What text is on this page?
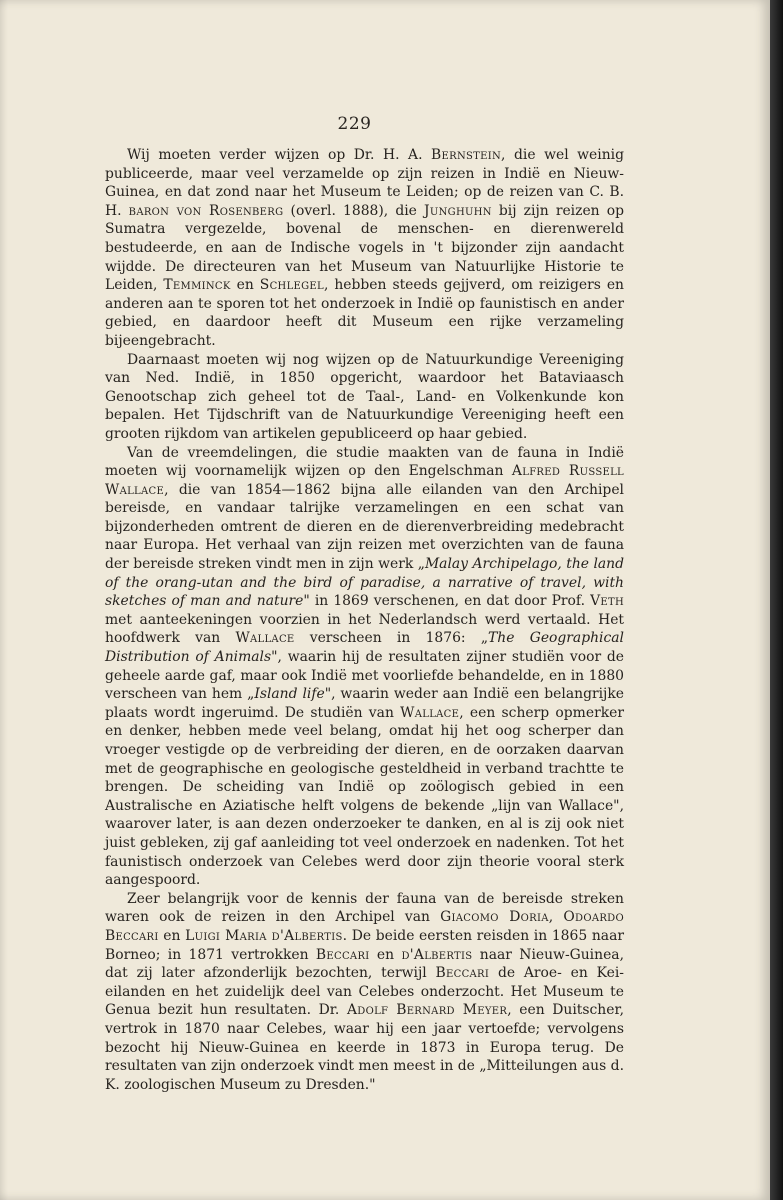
229

Wij moeten verder wijzen op Dr. H. A. Bernstein, die wel weinig publiceerde, maar veel verzamelde op zijn reizen in Indië en Nieuw-Guinea, en dat zond naar het Museum te Leiden; op de reizen van C. B. H. baron von Rosenberg (overl. 1888), die Junghuhn bij zijn reizen op Sumatra vergezelde, bovenal de menschen- en dierenwereld bestudeerde, en aan de Indische vogels in 't bijzonder zijn aandacht wijdde. De directeuren van het Museum van Natuurlijke Historie te Leiden, Temminck en Schlegel, hebben steeds gejjverd, om reizigers en anderen aan te sporen tot het onderzoek in Indië op faunistisch en ander gebied, en daardoor heeft dit Museum een rijke verzameling bijeengebracht.

Daarnaast moeten wij nog wijzen op de Natuurkundige Vereeniging van Ned. Indië, in 1850 opgericht, waardoor het Bataviaasch Genootschap zich geheel tot de Taal-, Land- en Volkenkunde kon bepalen. Het Tijdschrift van de Natuurkundige Vereeniging heeft een grooten rijkdom van artikelen gepubliceerd op haar gebied.

Van de vreemdelingen, die studie maakten van de fauna in Indië moeten wij voornamelijk wijzen op den Engelschman Alfred Russell Wallace, die van 1854—1862 bijna alle eilanden van den Archipel bereisde, en vandaar talrijke verzamelingen en een schat van bijzonderheden omtrent de dieren en de dierenverbreiding medebracht naar Europa. Het verhaal van zijn reizen met overzichten van de fauna der bereisde streken vindt men in zijn werk „Malay Archipelago, the land of the orang-utan and the bird of paradise, a narrative of travel, with sketches of man and nature" in 1869 verschenen, en dat door Prof. Veth met aanteekeningen voorzien in het Nederlandsch werd vertaald. Het hoofdwerk van Wallace verscheen in 1876: „The Geographical Distribution of Animals", waarin hij de resultaten zijner studiën voor de geheele aarde gaf, maar ook Indië met voorliefde behandelde, en in 1880 verscheen van hem „Island life", waarin weder aan Indië een belangrijke plaats wordt ingeruimd. De studiën van Wallace, een scherp opmerker en denker, hebben mede veel belang, omdat hij het oog scherper dan vroeger vestigde op de verbreiding der dieren, en de oorzaken daarvan met de geographische en geologische gesteldheid in verband trachtte te brengen. De scheiding van Indië op zoölogisch gebied in een Australische en Aziatische helft volgens de bekende „lijn van Wallace", waarover later, is aan dezen onderzoeker te danken, en al is zij ook niet juist gebleken, zij gaf aanleiding tot veel onderzoek en nadenken. Tot het faunistisch onderzoek van Celebes werd door zijn theorie vooral sterk aangespoord.

Zeer belangrijk voor de kennis der fauna van de bereisde streken waren ook de reizen in den Archipel van Giacomo Doria, Odoardo Beccari en Luigi Maria d'Albertis. De beide eersten reisden in 1865 naar Borneo; in 1871 vertrokken Beccari en d'Albertis naar Nieuw-Guinea, dat zij later afzonderlijk bezochten, terwijl Beccari de Aroe- en Kei-eilanden en het zuidelijk deel van Celebes onderzocht. Het Museum te Genua bezit hun resultaten. Dr. Adolf Bernard Meyer, een Duitscher, vertrok in 1870 naar Celebes, waar hij een jaar vertoefde; vervolgens bezocht hij Nieuw-Guinea en keerde in 1873 in Europa terug. De resultaten van zijn onderzoek vindt men meest in de „Mitteilungen aus d. K. zoologischen Museum zu Dresden."
